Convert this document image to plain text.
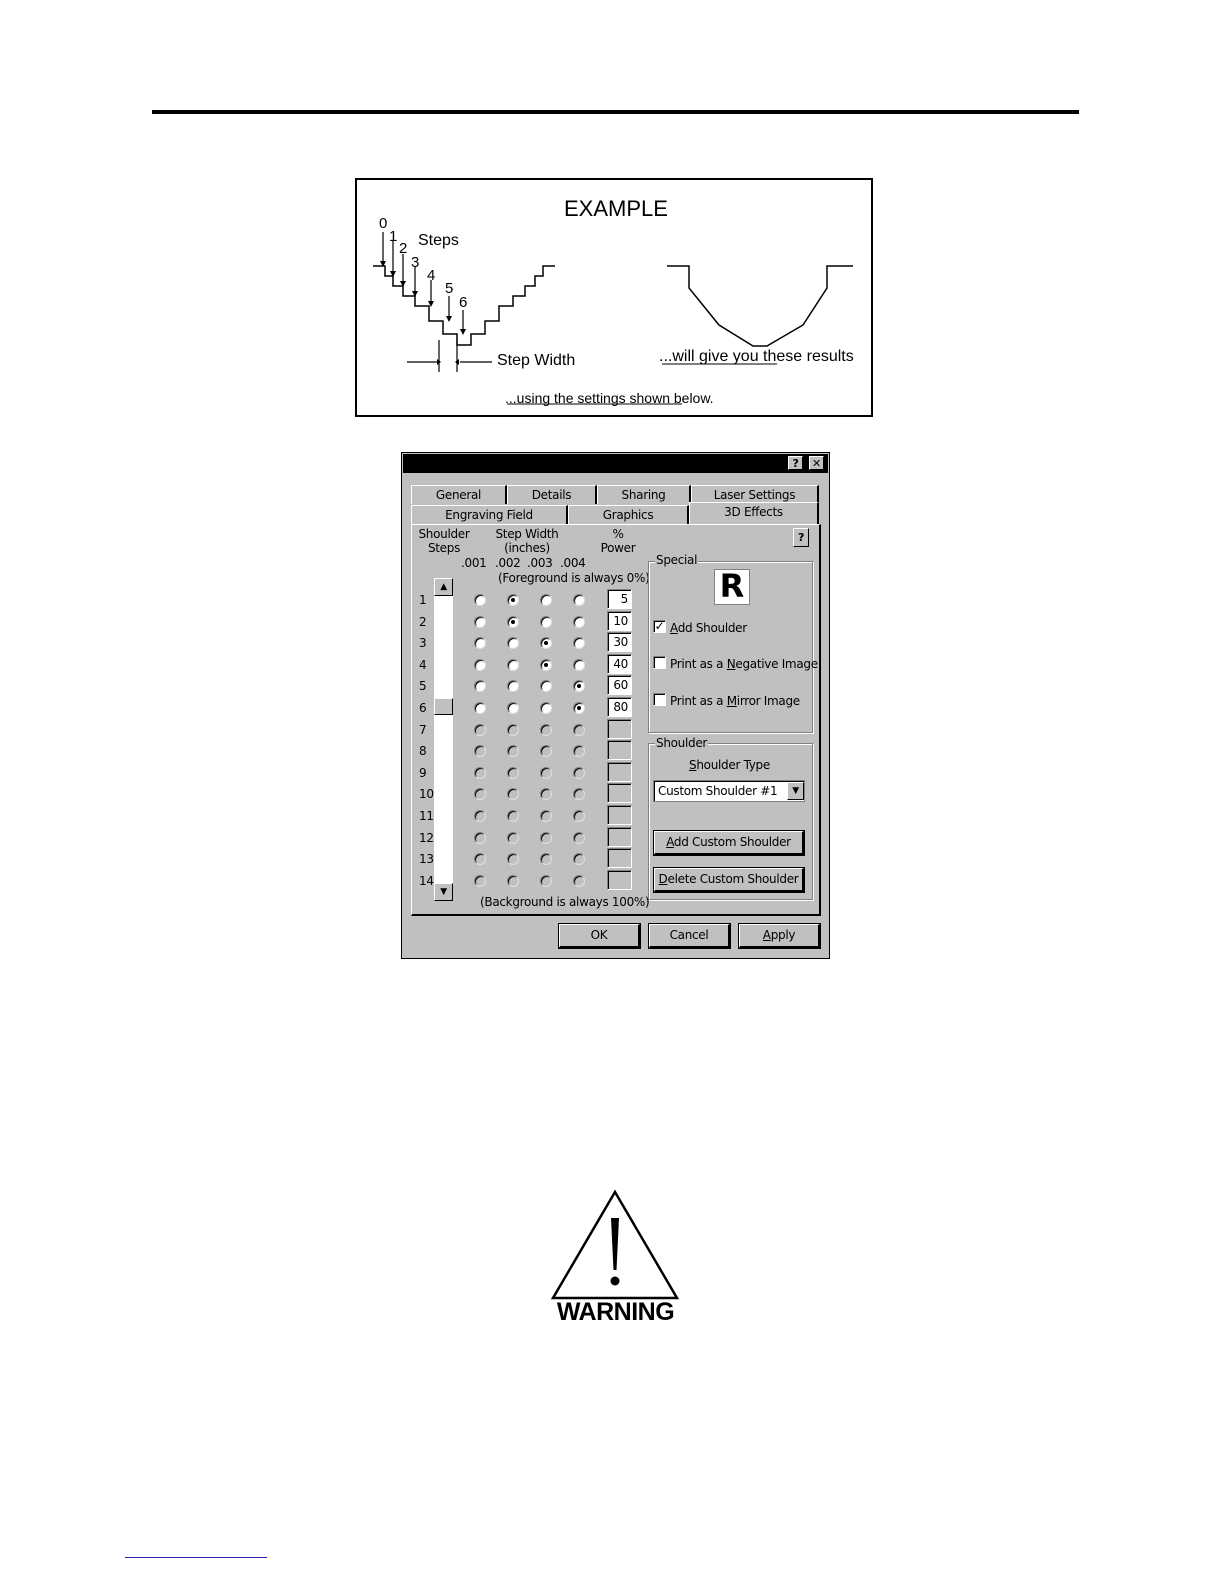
EXAMPLE
Steps
0
1
2
3
4
5
6
Step Width	...will give you these results
...using the settings shown below.
?	✕
General	Details	Sharing	Laser Settings
Engraving Field	Graphics	3D Effects
Shoulder
Steps
Step Width
(inches)
%
Power
.001 .002 .003 .004
(Foreground is always 0%)
?
▲
▼
1	5
2	10
3	30
4	40
5	60
6	80
7
8
9
10
11
12
13
14
(Background is always 100%)
Special
R
✓ Add Shoulder
Print as a Negative Image
Print as a Mirror Image
Shoulder
Shoulder Type
Custom Shoulder #1	▼
Add Custom Shoulder
Delete Custom Shoulder
OK	Cancel	Apply
WARNING
